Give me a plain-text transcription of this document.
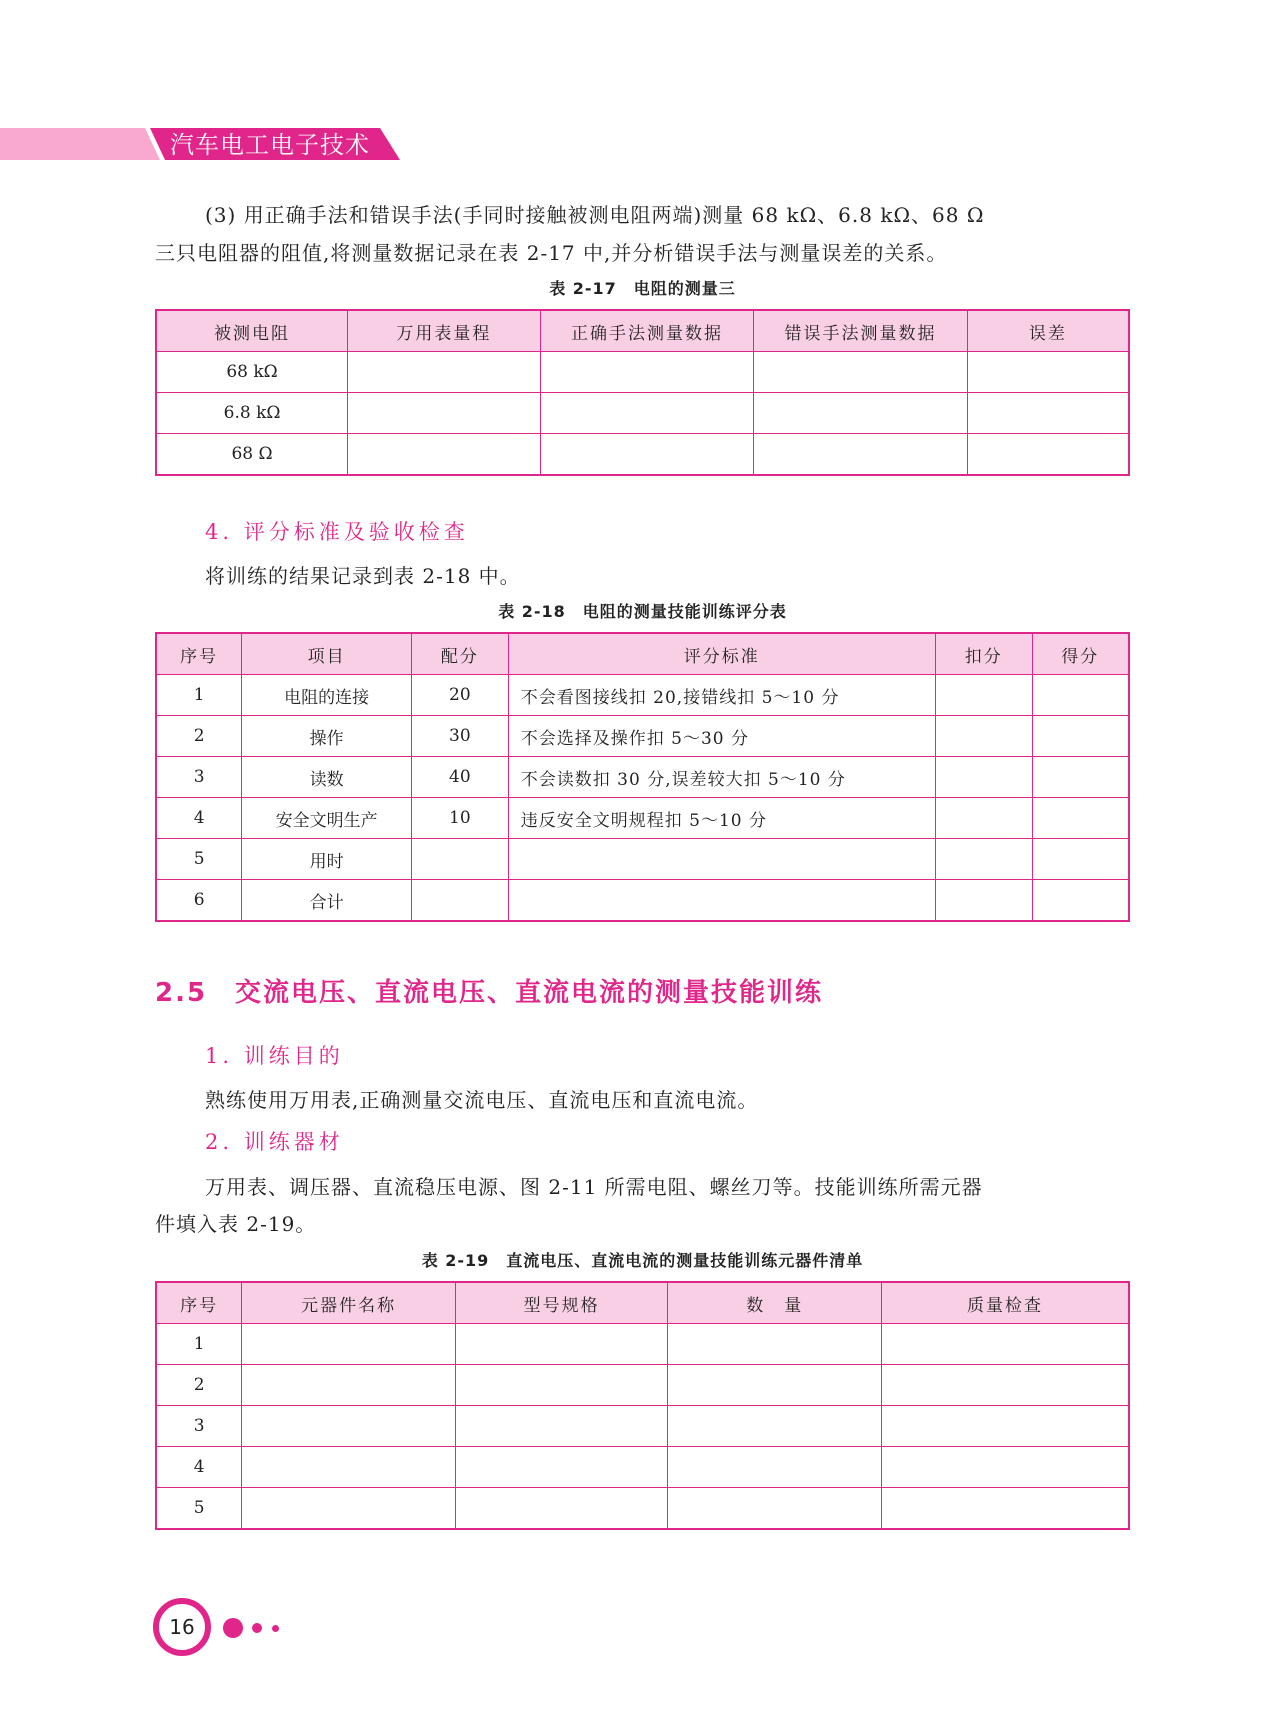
汽车电工电子技术

(3) 用正确手法和错误手法(手同时接触被测电阻两端)测量 68 kΩ、6.8 kΩ、68 Ω

三只电阻器的阻值,将测量数据记录在表 2-17 中,并分析错误手法与测量误差的关系。

表 2-17　电阻的测量三
被测电阻	万用表量程	正确手法测量数据	错误手法测量数据	误差
68 kΩ				
6.8 kΩ				
68 Ω				
4. 评分标准及验收检查

将训练的结果记录到表 2-18 中。

表 2-18　电阻的测量技能训练评分表
序号	项目	配分	评分标准	扣分	得分
1	电阻的连接	20	不会看图接线扣 20,接错线扣 5～10 分		
2	操作	30	不会选择及操作扣 5～30 分		
3	读数	40	不会读数扣 30 分,误差较大扣 5～10 分		
4	安全文明生产	10	违反安全文明规程扣 5～10 分		
5	用时				
6	合计				
2.5 交流电压、直流电压、直流电流的测量技能训练
1. 训练目的

熟练使用万用表,正确测量交流电压、直流电压和直流电流。

2. 训练器材

万用表、调压器、直流稳压电源、图 2-11 所需电阻、螺丝刀等。技能训练所需元器

件填入表 2-19。

表 2-19　直流电压、直流电流的测量技能训练元器件清单
序号	元器件名称	型号规格	数　量	质量检查
1				
2				
3				
4				
5				
16
